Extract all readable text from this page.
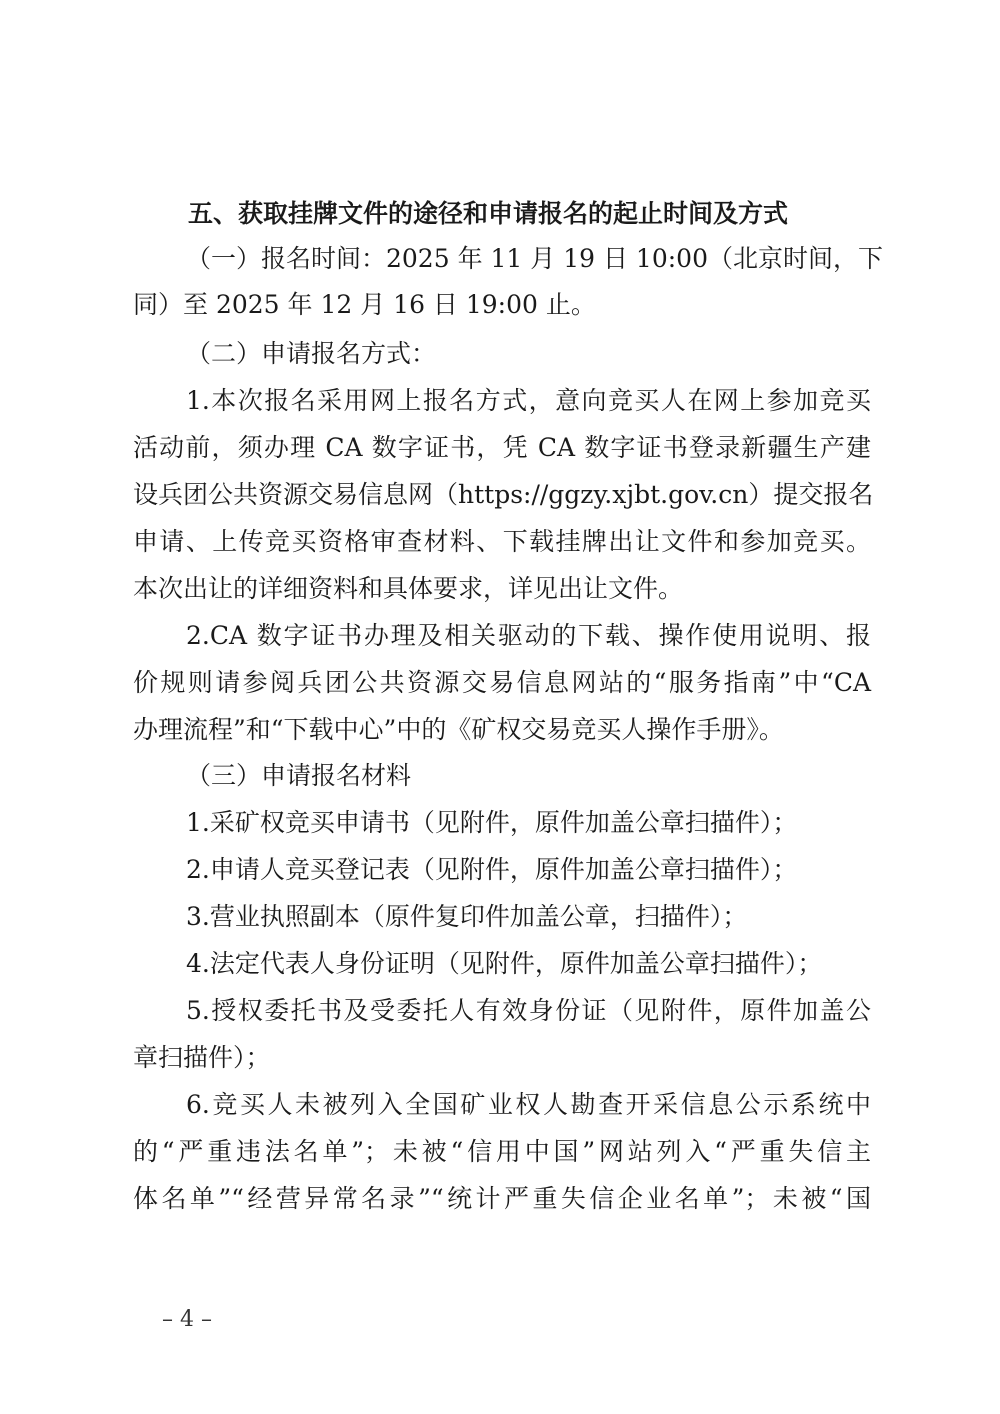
五、获取挂牌文件的途径和申请报名的起止时间及方式
（一）报名时间：2025 年 11 月 19 日 10:00（北京时间，下
同）至 2025 年 12 月 16 日 19:00 止。
（二）申请报名方式：
1.本次报名采用网上报名方式，意向竞买人在网上参加竞买
活动前，须办理 CA 数字证书，凭 CA 数字证书登录新疆生产建
设兵团公共资源交易信息网（https://ggzy.xjbt.gov.cn）提交报名
申请、上传竞买资格审查材料、下载挂牌出让文件和参加竞买。
本次出让的详细资料和具体要求，详见出让文件。
2.CA 数字证书办理及相关驱动的下载、操作使用说明、报
价规则请参阅兵团公共资源交易信息网站的“服务指南”中“CA
办理流程”和“下载中心”中的《矿权交易竞买人操作手册》。
（三）申请报名材料
1.采矿权竞买申请书（见附件，原件加盖公章扫描件）；
2.申请人竞买登记表（见附件，原件加盖公章扫描件）；
3.营业执照副本（原件复印件加盖公章，扫描件）；
4.法定代表人身份证明（见附件，原件加盖公章扫描件）；
5.授权委托书及受委托人有效身份证（见附件，原件加盖公
章扫描件）；
6.竞买人未被列入全国矿业权人勘查开采信息公示系统中
的“严重违法名单”；未被“信用中国”网站列入“严重失信主
体名单”“经营异常名录”“统计严重失信企业名单”；未被“国
– 4 –
